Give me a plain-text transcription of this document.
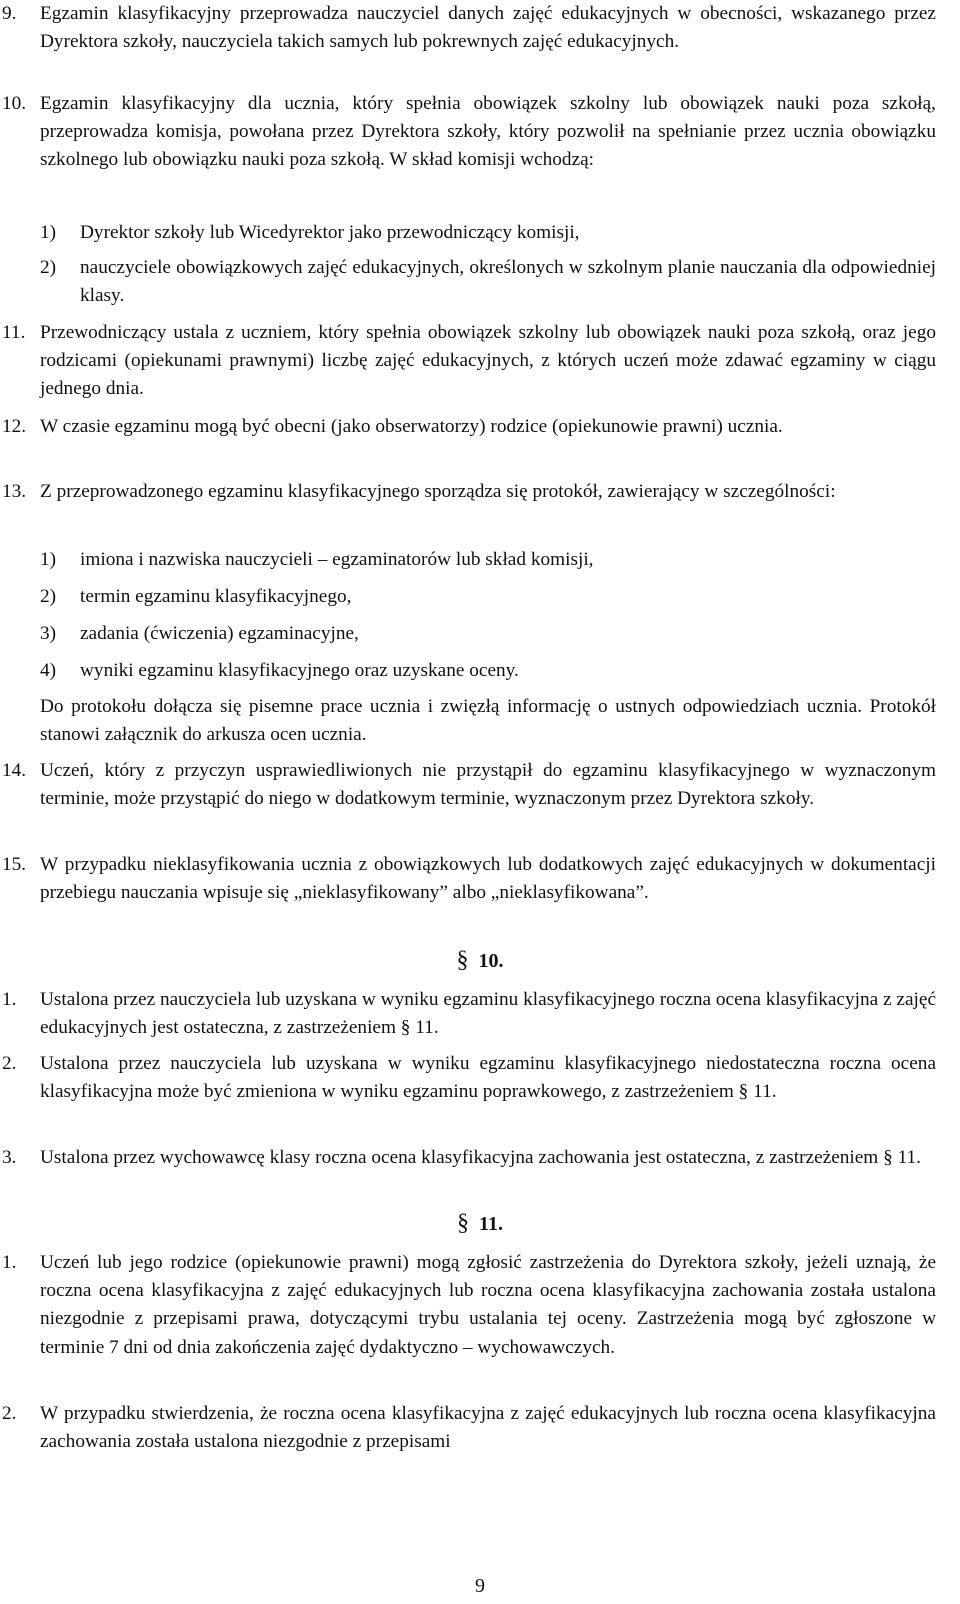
9. Egzamin klasyfikacyjny przeprowadza nauczyciel danych zajęć edukacyjnych w obecności, wskazanego przez Dyrektora szkoły, nauczyciela takich samych lub pokrewnych zajęć edukacyjnych.
10. Egzamin klasyfikacyjny dla ucznia, który spełnia obowiązek szkolny lub obowiązek nauki poza szkołą, przeprowadza komisja, powołana przez Dyrektora szkoły, który pozwolił na spełnianie przez ucznia obowiązku szkolnego lub obowiązku nauki poza szkołą. W skład komisji wchodzą:
1) Dyrektor szkoły lub Wicedyrektor jako przewodniczący komisji,
2) nauczyciele obowiązkowych zajęć edukacyjnych, określonych w szkolnym planie nauczania dla odpowiedniej klasy.
11. Przewodniczący ustala z uczniem, który spełnia obowiązek szkolny lub obowiązek nauki poza szkołą, oraz jego rodzicami (opiekunami prawnymi) liczbę zajęć edukacyjnych, z których uczeń może zdawać egzaminy w ciągu jednego dnia.
12. W czasie egzaminu mogą być obecni (jako obserwatorzy) rodzice (opiekunowie prawni) ucznia.
13. Z przeprowadzonego egzaminu klasyfikacyjnego sporządza się protokół, zawierający w szczególności:
1) imiona i nazwiska nauczycieli – egzaminatorów lub skład komisji,
2) termin egzaminu klasyfikacyjnego,
3) zadania (ćwiczenia) egzaminacyjne,
4) wyniki egzaminu klasyfikacyjnego oraz uzyskane oceny.
Do protokołu dołącza się pisemne prace ucznia i zwięzłą informację o ustnych odpowiedziach ucznia. Protokół stanowi załącznik do arkusza ocen ucznia.
14. Uczeń, który z przyczyn usprawiedliwionych nie przystąpił do egzaminu klasyfikacyjnego w wyznaczonym terminie, może przystąpić do niego w dodatkowym terminie, wyznaczonym przez Dyrektora szkoły.
15. W przypadku nieklasyfikowania ucznia z obowiązkowych lub dodatkowych zajęć edukacyjnych w dokumentacji przebiegu nauczania wpisuje się „nieklasyfikowany” albo „nieklasyfikowana”.
§ 10.
1. Ustalona przez nauczyciela lub uzyskana w wyniku egzaminu klasyfikacyjnego roczna ocena klasyfikacyjna z zajęć edukacyjnych jest ostateczna, z zastrzeżeniem § 11.
2. Ustalona przez nauczyciela lub uzyskana w wyniku egzaminu klasyfikacyjnego niedostateczna roczna ocena klasyfikacyjna może być zmieniona w wyniku egzaminu poprawkowego, z zastrzeżeniem § 11.
3. Ustalona przez wychowawcę klasy roczna ocena klasyfikacyjna zachowania jest ostateczna, z zastrzeżeniem § 11.
§ 11.
1. Uczeń lub jego rodzice (opiekunowie prawni) mogą zgłosić zastrzeżenia do Dyrektora szkoły, jeżeli uznają, że roczna ocena klasyfikacyjna z zajęć edukacyjnych lub roczna ocena klasyfikacyjna zachowania została ustalona niezgodnie z przepisami prawa, dotyczącymi trybu ustalania tej oceny. Zastrzeżenia mogą być zgłoszone w terminie 7 dni od dnia zakończenia zajęć dydaktyczno – wychowawczych.
2. W przypadku stwierdzenia, że roczna ocena klasyfikacyjna z zajęć edukacyjnych lub roczna ocena klasyfikacyjna zachowania została ustalona niezgodnie z przepisami
9
